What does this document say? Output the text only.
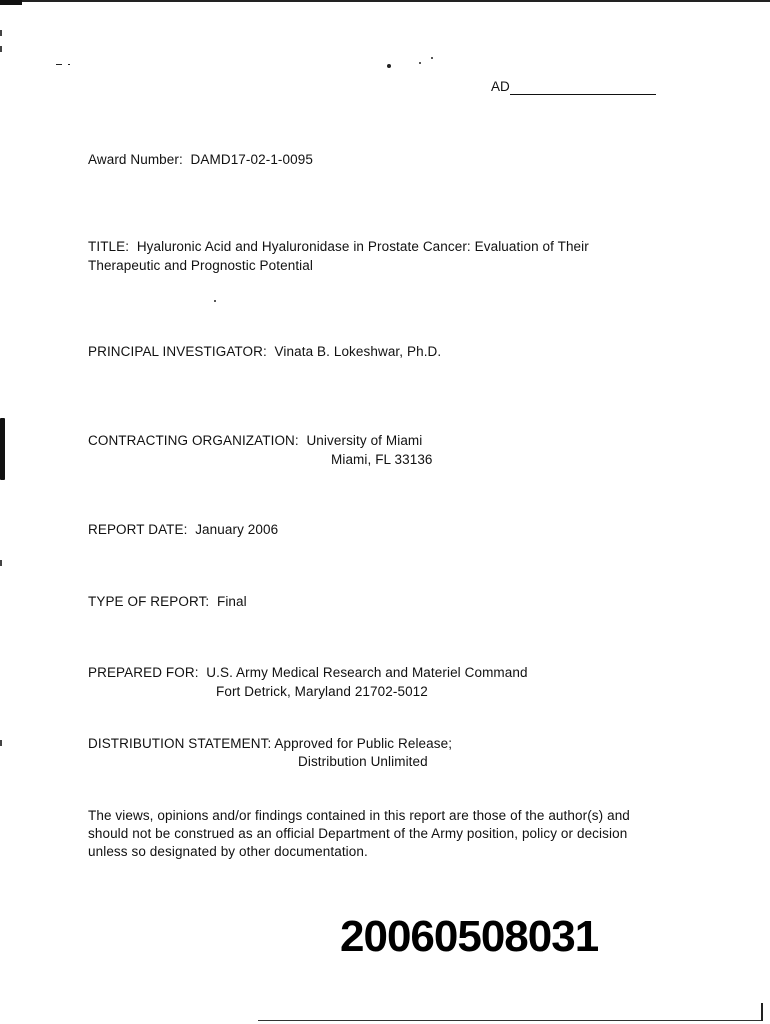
AD
Award Number: DAMD17-02-1-0095
TITLE: Hyaluronic Acid and Hyaluronidase in Prostate Cancer: Evaluation of Their
Therapeutic and Prognostic Potential
PRINCIPAL INVESTIGATOR: Vinata B. Lokeshwar, Ph.D.
CONTRACTING ORGANIZATION: University of Miami
Miami, FL 33136
REPORT DATE: January 2006
TYPE OF REPORT: Final
PREPARED FOR: U.S. Army Medical Research and Materiel Command
Fort Detrick, Maryland 21702-5012
DISTRIBUTION STATEMENT: Approved for Public Release;
Distribution Unlimited
The views, opinions and/or findings contained in this report are those of the author(s) and
should not be construed as an official Department of the Army position, policy or decision
unless so designated by other documentation.
20060508031
